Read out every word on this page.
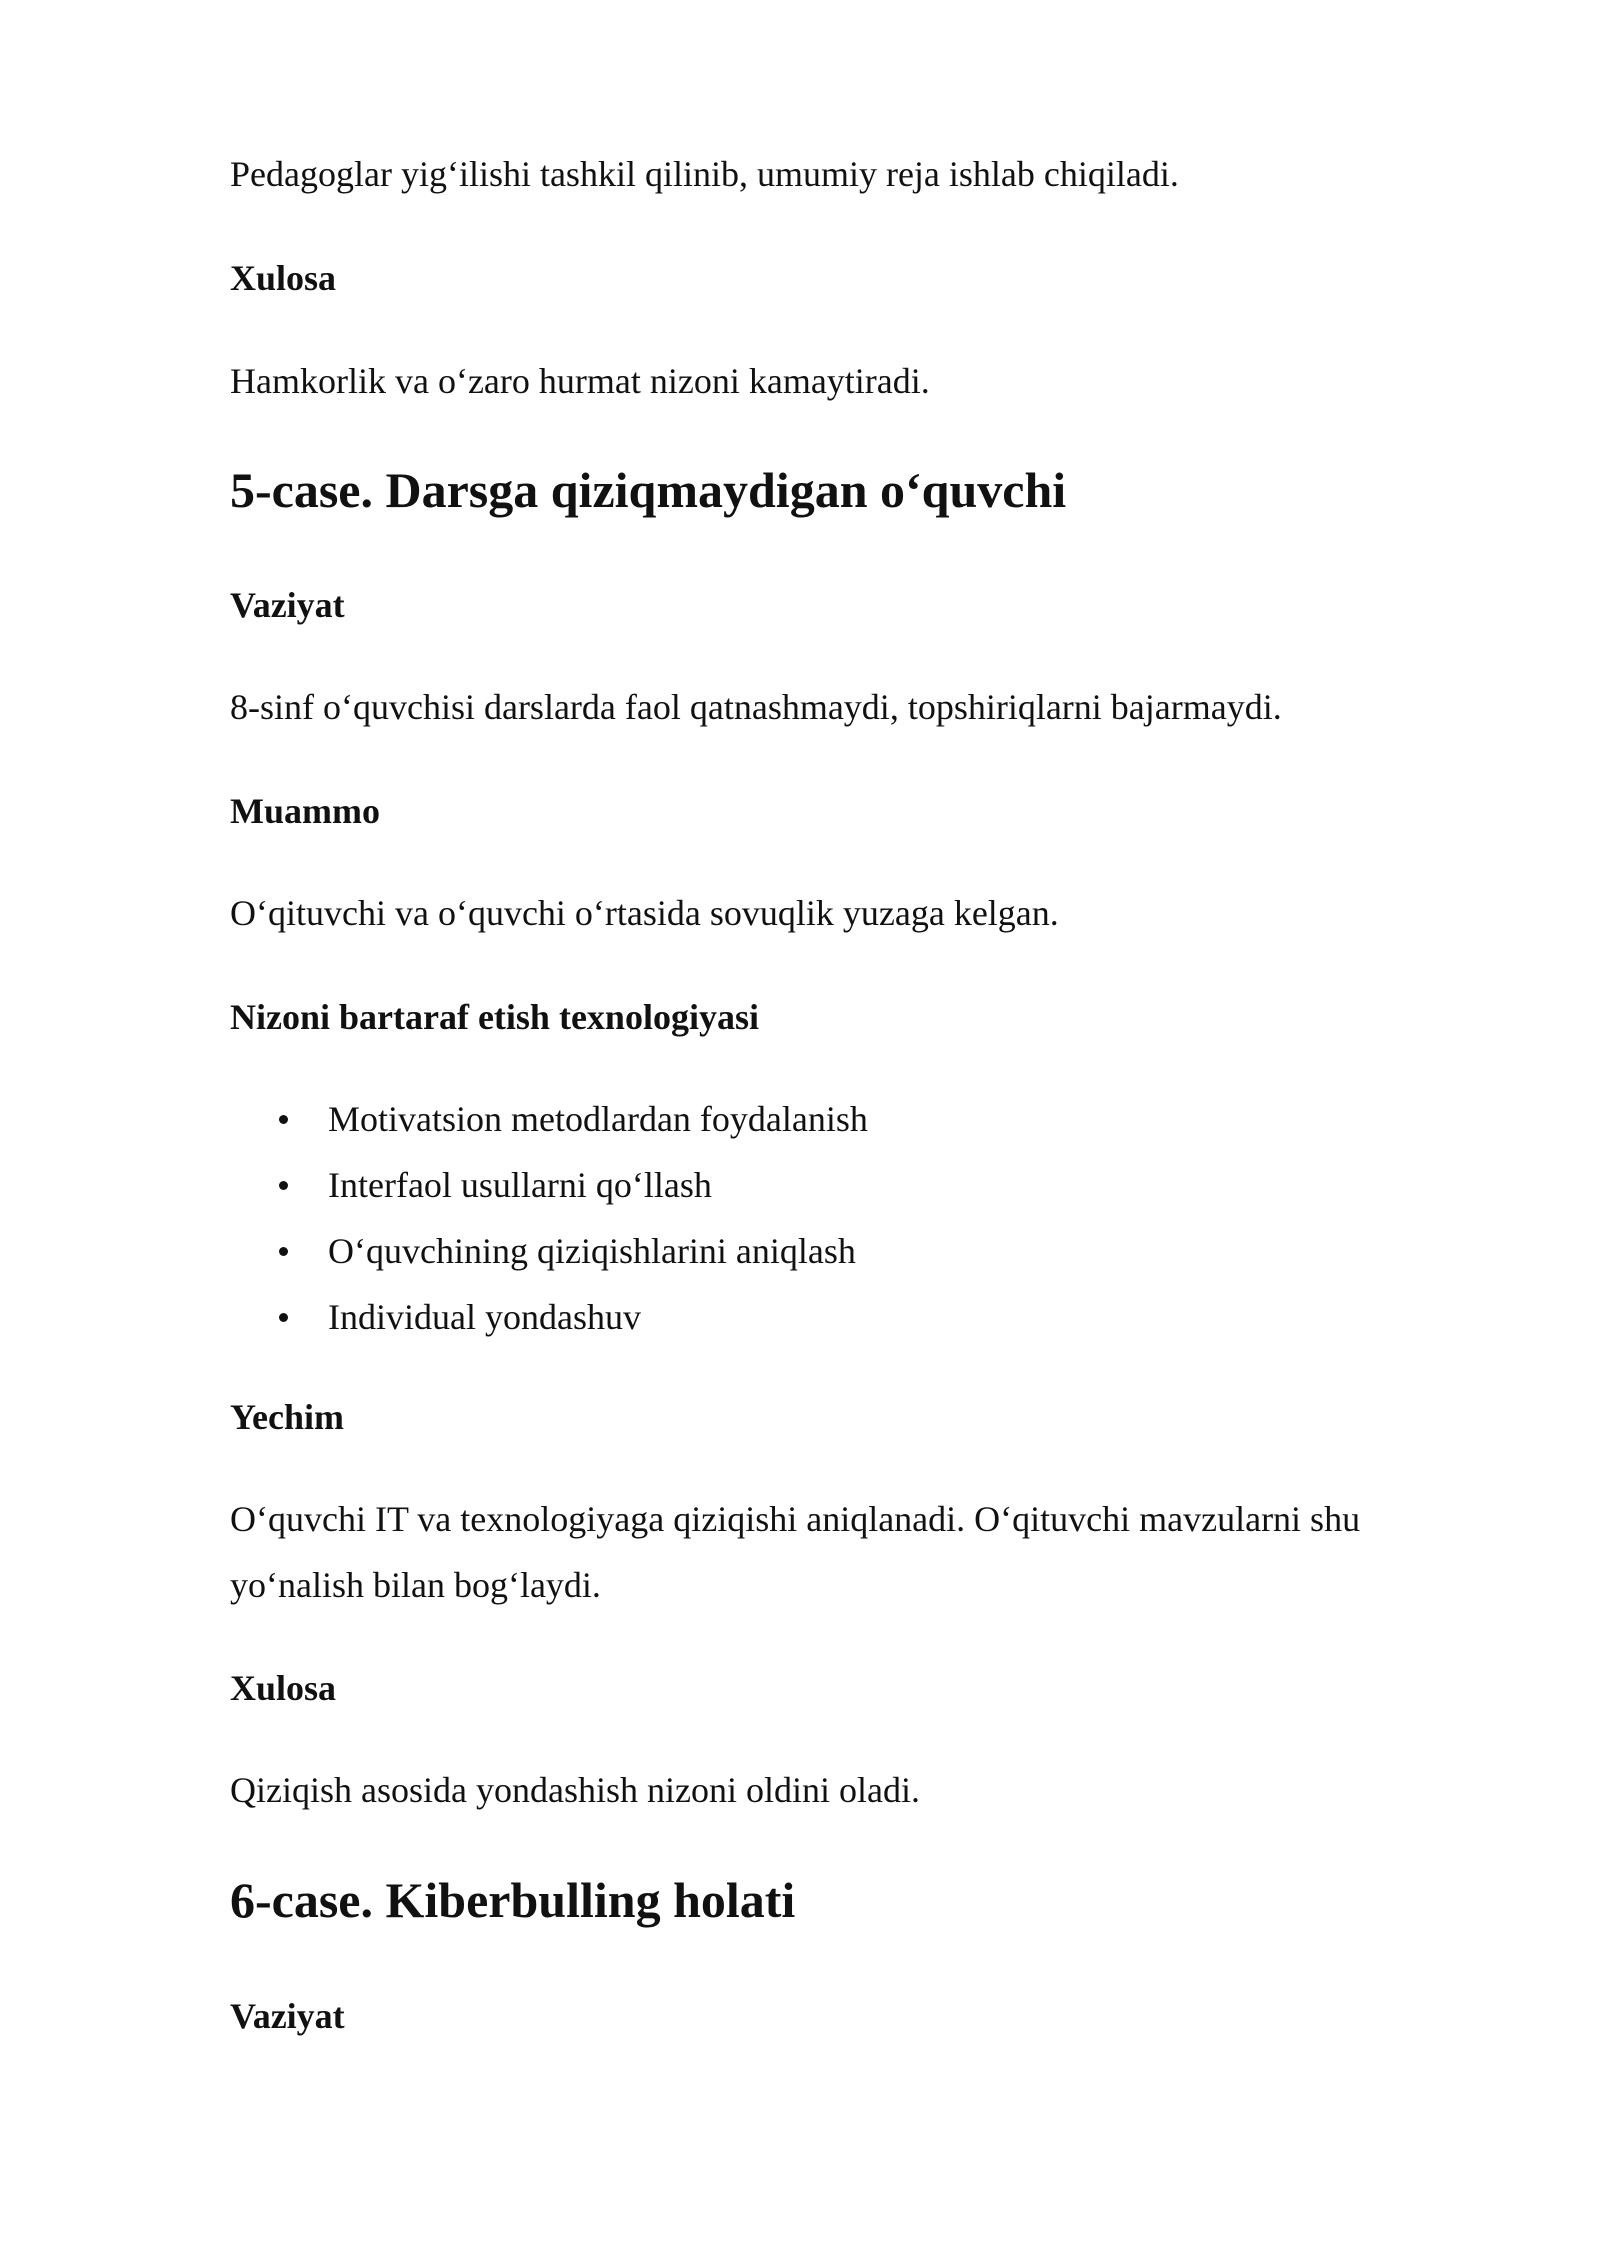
Pedagoglar yig‘ilishi tashkil qilinib, umumiy reja ishlab chiqiladi.

Xulosa

Hamkorlik va o‘zaro hurmat nizoni kamaytiradi.

5-case. Darsga qiziqmaydigan o‘quvchi
Vaziyat

8-sinf o‘quvchisi darslarda faol qatnashmaydi, topshiriqlarni bajarmaydi.

Muammo

O‘qituvchi va o‘quvchi o‘rtasida sovuqlik yuzaga kelgan.

Nizoni bartaraf etish texnologiyasi
Motivatsion metodlardan foydalanish
Interfaol usullarni qo‘llash
O‘quvchining qiziqishlarini aniqlash
Individual yondashuv
Yechim

O‘quvchi IT va texnologiyaga qiziqishi aniqlanadi. O‘qituvchi mavzularni shu yo‘nalish bilan bog‘laydi.

Xulosa

Qiziqish asosida yondashish nizoni oldini oladi.

6-case. Kiberbulling holati
Vaziyat
